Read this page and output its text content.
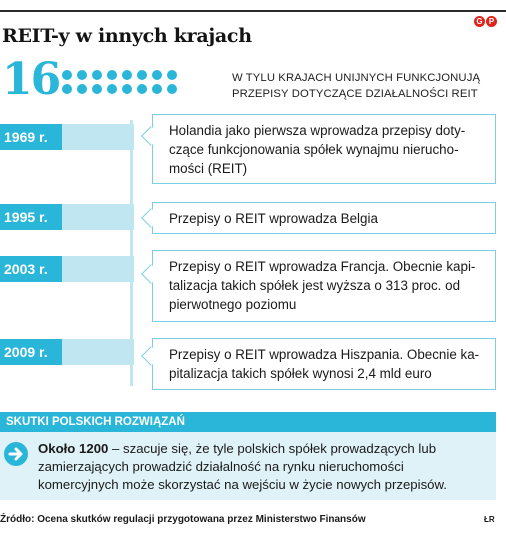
G P
REIT-y w innych krajach
16	W TYLU KRAJACH UNIJNYCH FUNKCJONUJĄ PRZEPISY DOTYCZĄCE DZIAŁALNOŚCI REIT
1969 r.	Holandia jako pierwsza wprowadza przepisy doty-czące funkcjonowania spółek wynajmu nierucho-mości (REIT)
1995 r.	Przepisy o REIT wprowadza Belgia
2003 r.	Przepisy o REIT wprowadza Francja. Obecnie kapi-talizacja takich spółek jest wyższa o 313 proc. od pierwotnego poziomu
2009 r.	Przepisy o REIT wprowadza Hiszpania. Obecnie ka-pitalizacja takich spółek wynosi 2,4 mld euro
SKUTKI POLSKICH ROZWIĄZAŃ

Około 1200 – szacuje się, że tyle polskich spółek prowadzących lub zamierzających prowadzić działalność na rynku nieruchomości komercyjnych może skorzystać na wejściu w życie nowych przepisów.

Źródło: Ocena skutków regulacji przygotowana przez Ministerstwo Finansów	ŁR
